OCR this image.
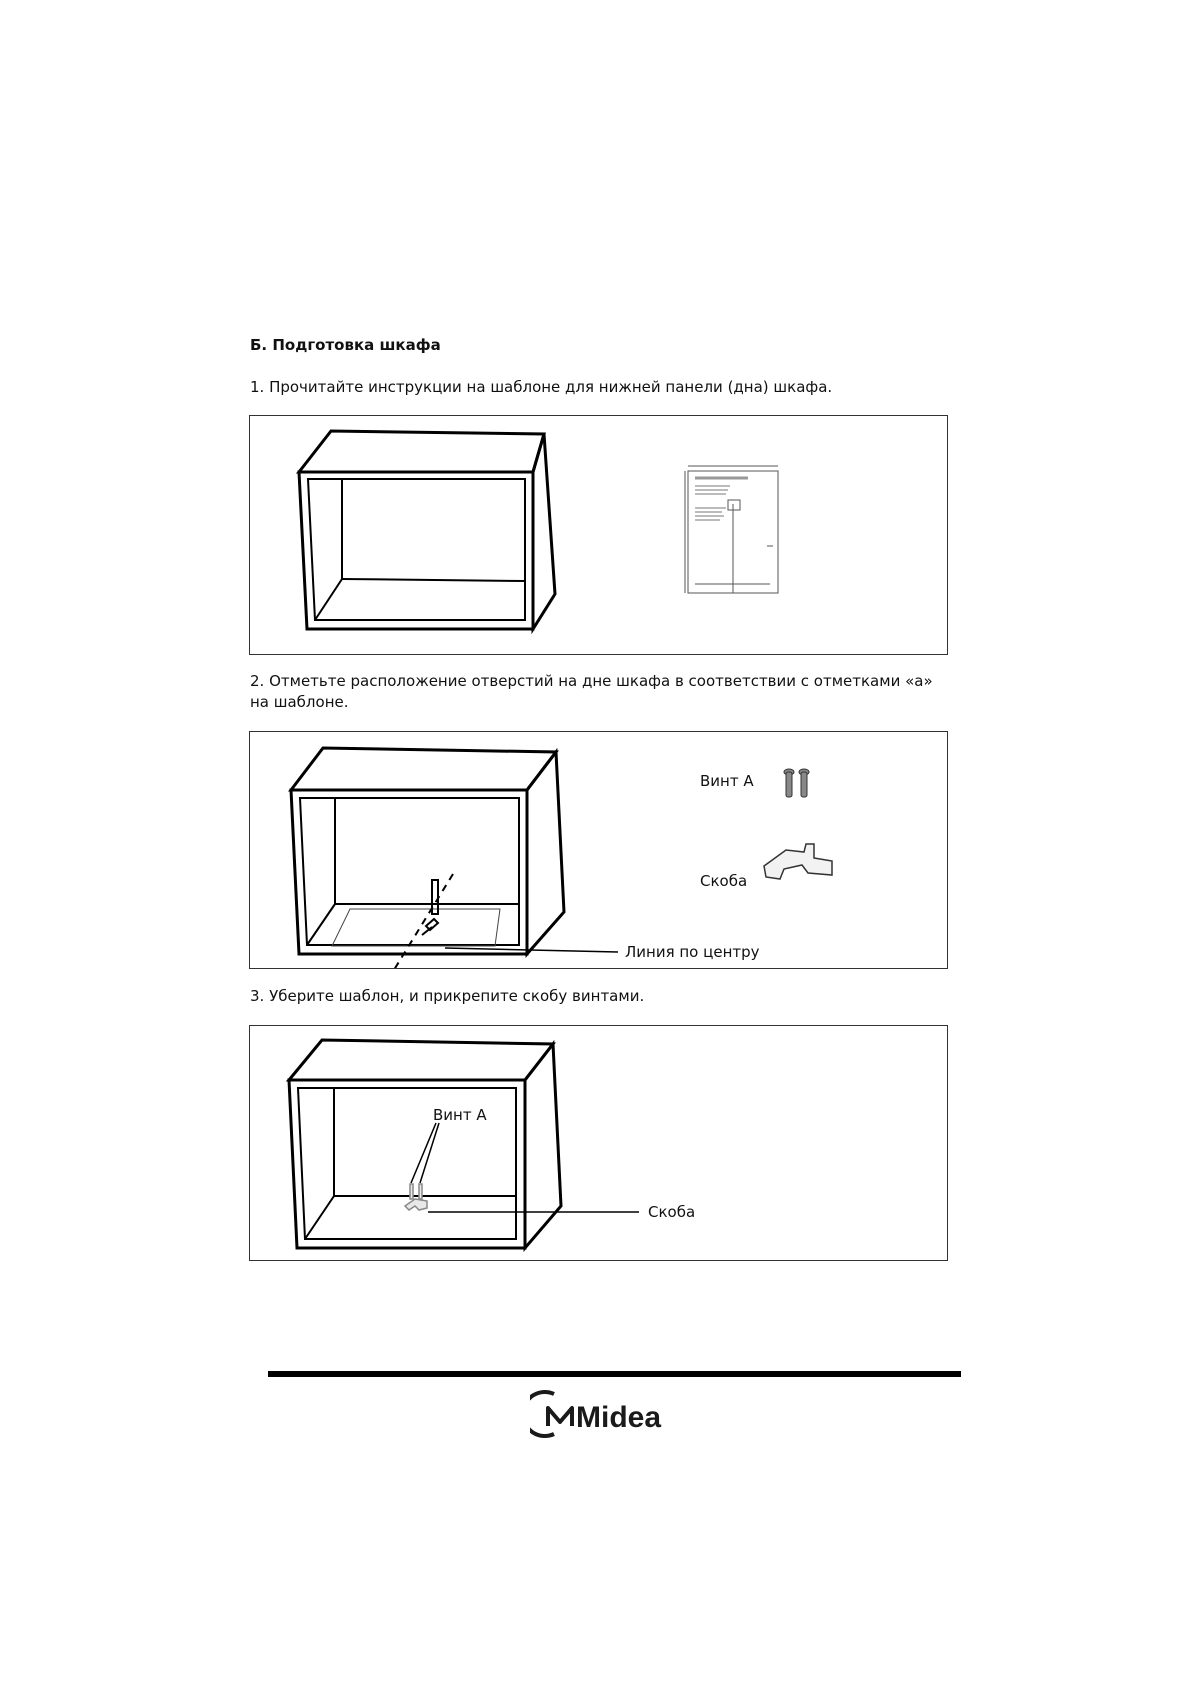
Б. Подготовка шкафа
1. Прочитайте инструкции на шаблоне для нижней панели (дна) шкафа.
2. Отметьте расположение отверстий на дне шкафа в соответствии с отметками «а» на шаблоне.
Винт А
Скоба
Линия по центру
3. Уберите шаблон, и прикрепите скобу винтами.
Винт А
Скоба
Midea
